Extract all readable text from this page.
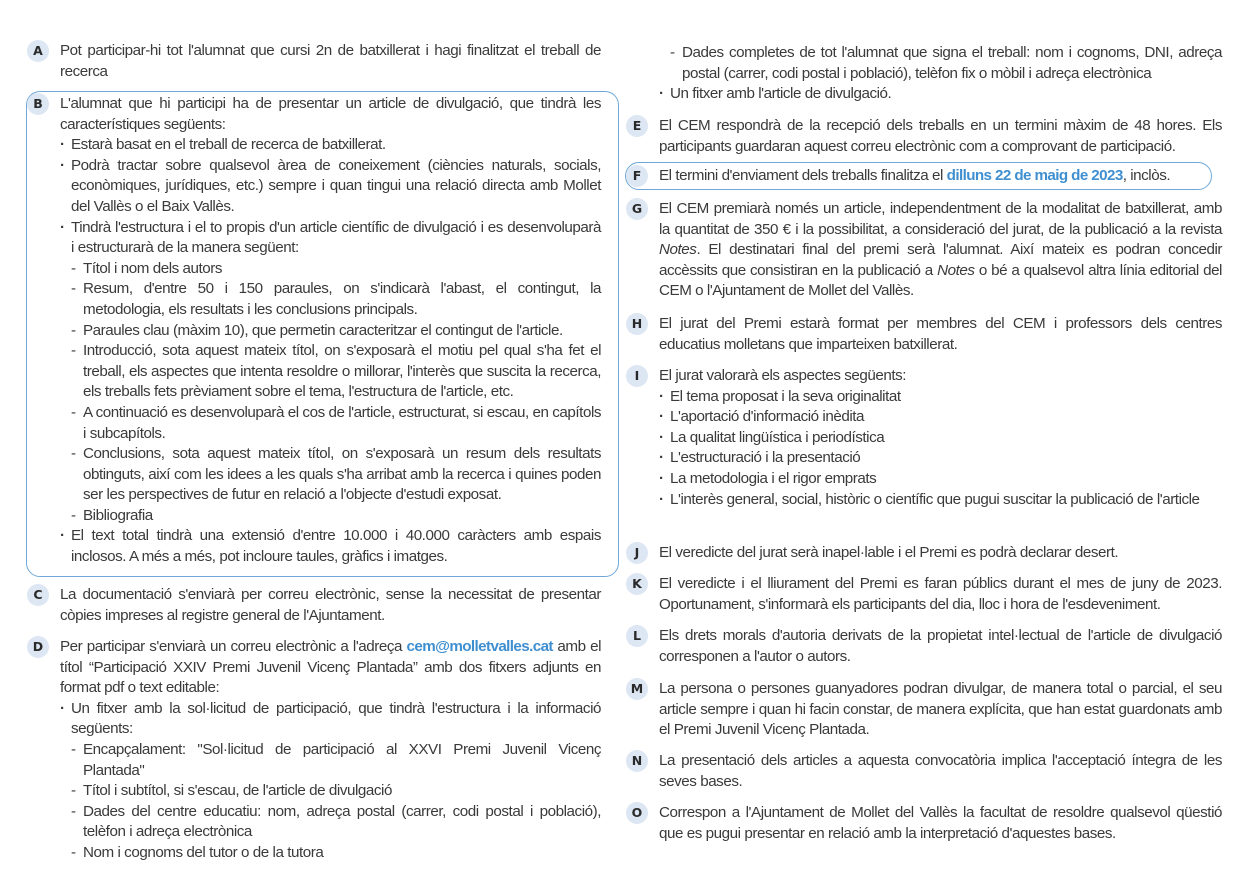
A	Pot participar-hi tot l'alumnat que cursi 2n de batxillerat i hagi finalitzat el treball de recerca
B	L'alumnat que hi participi ha de presentar un article de divulgació, que tindrà les característiques següents:
· Estarà basat en el treball de recerca de batxillerat.
· Podrà tractar sobre qualsevol àrea de coneixement (ciències naturals, socials, econòmiques, jurídiques, etc.) sempre i quan tingui una relació directa amb Mollet del Vallès o el Baix Vallès.
· Tindrà l'estructura i el to propis d'un article científic de divulgació i es desenvoluparà i estructurarà de la manera següent:
- Títol i nom dels autors
- Resum, d'entre 50 i 150 paraules, on s'indicarà l'abast, el contingut, la metodologia, els resultats i les conclusions principals.
- Paraules clau (màxim 10), que permetin caracteritzar el contingut de l'article.
- Introducció, sota aquest mateix títol, on s'exposarà el motiu pel qual s'ha fet el treball, els aspectes que intenta resoldre o millorar, l'interès que suscita la recerca, els treballs fets prèviament sobre el tema, l'estructura de l'article, etc.
- A continuació es desenvoluparà el cos de l'article, estructurat, si escau, en capítols i subcapítols.
- Conclusions, sota aquest mateix títol, on s'exposarà un resum dels resultats obtinguts, així com les idees a les quals s'ha arribat amb la recerca i quines poden ser les perspectives de futur en relació a l'objecte d'estudi exposat.
- Bibliografia
· El text total tindrà una extensió d'entre 10.000 i 40.000 caràcters amb espais inclosos. A més a més, pot incloure taules, gràfics i imatges.
C	La documentació s'enviarà per correu electrònic, sense la necessitat de presentar còpies impreses al registre general de l'Ajuntament.
D	Per participar s'enviarà un correu electrònic a l'adreça cem@molletvalles.cat amb el títol “Participació XXIV Premi Juvenil Vicenç Plantada” amb dos fitxers adjunts en format pdf o text editable:
· Un fitxer amb la sol·licitud de participació, que tindrà l'estructura i la informació següents:
- Encapçalament: "Sol·licitud de participació al XXVI Premi Juvenil Vicenç Plantada"
- Títol i subtítol, si s'escau, de l'article de divulgació
- Dades del centre educatiu: nom, adreça postal (carrer, codi postal i població), telèfon i adreça electrònica
- Nom i cognoms del tutor o de la tutora
- Dades completes de tot l'alumnat que signa el treball: nom i cognoms, DNI, adreça postal (carrer, codi postal i població), telèfon fix o mòbil i adreça electrònica
· Un fitxer amb l'article de divulgació.
E	El CEM respondrà de la recepció dels treballs en un termini màxim de 48 hores. Els participants guardaran aquest correu electrònic com a comprovant de participació.
F	El termini d'enviament dels treballs finalitza el dilluns 22 de maig de 2023, inclòs.
G	El CEM premiarà només un article, independentment de la modalitat de batxillerat, amb la quantitat de 350 € i la possibilitat, a consideració del jurat, de la publicació a la revista Notes. El destinatari final del premi serà l'alumnat. Així mateix es podran concedir accèssits que consistiran en la publicació a Notes o bé a qualsevol altra línia editorial del CEM o l'Ajuntament de Mollet del Vallès.
H	El jurat del Premi estarà format per membres del CEM i professors dels centres educatius molletans que imparteixen batxillerat.
I	El jurat valorarà els aspectes següents:
· El tema proposat i la seva originalitat
· L'aportació d'informació inèdita
· La qualitat lingüística i periodística
· L'estructuració i la presentació
· La metodologia i el rigor emprats
· L'interès general, social, històric o científic que pugui suscitar la publicació de l'article
J	El veredicte del jurat serà inapel·lable i el Premi es podrà declarar desert.
K	El veredicte i el lliurament del Premi es faran públics durant el mes de juny de 2023. Oportunament, s'informarà els participants del dia, lloc i hora de l'esdeveniment.
L	Els drets morals d'autoria derivats de la propietat intel·lectual de l'article de divulgació corresponen a l'autor o autors.
M	La persona o persones guanyadores podran divulgar, de manera total o parcial, el seu article sempre i quan hi facin constar, de manera explícita, que han estat guardonats amb el Premi Juvenil Vicenç Plantada.
N	La presentació dels articles a aquesta convocatòria implica l'acceptació íntegra de les seves bases.
O	Correspon a l'Ajuntament de Mollet del Vallès la facultat de resoldre qualsevol qüestió que es pugui presentar en relació amb la interpretació d'aquestes bases.
